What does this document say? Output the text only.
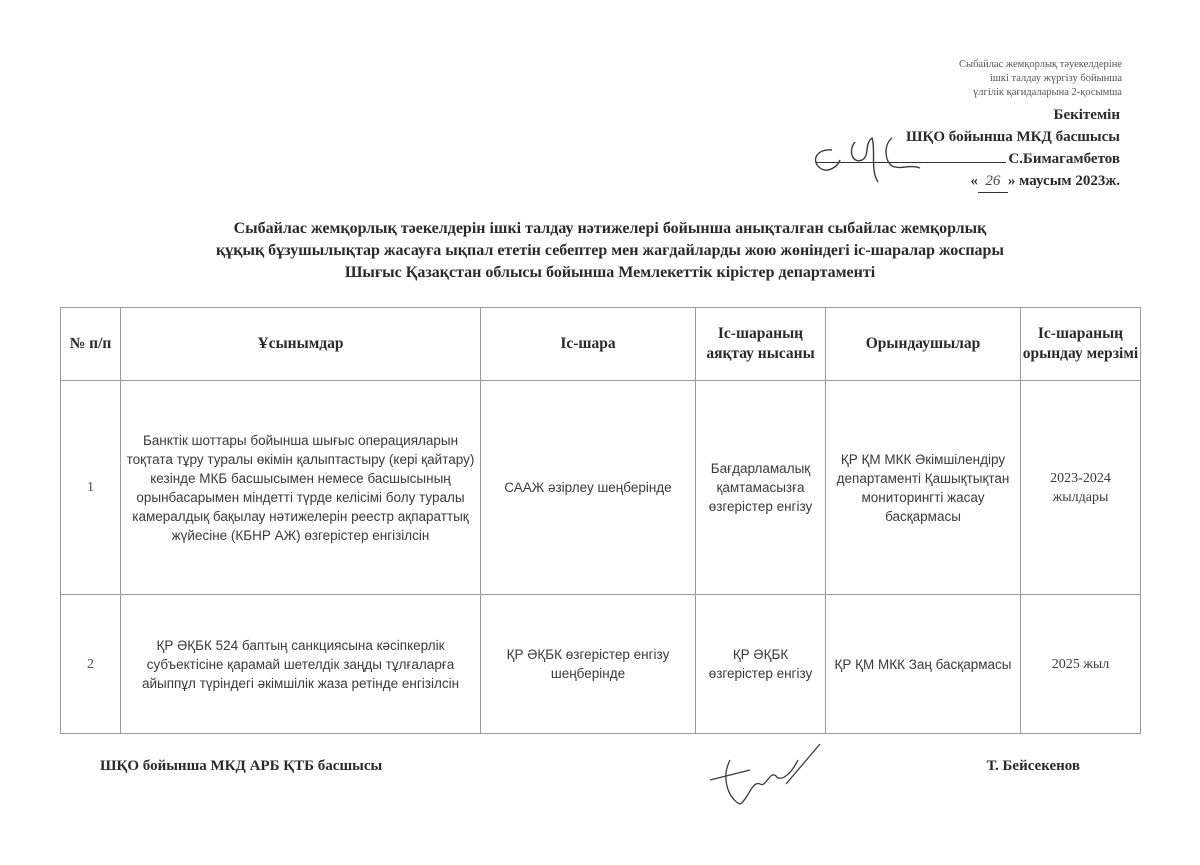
Сыбайлас жемқорлық тәуекелдеріне
ішкі талдау жүргізу бойынша
үлгілік қағидаларына 2-қосымша
Бекітемін
ШҚО бойынша МКД басшысы
С.Бимагамбетов
« 26 » маусым 2023ж.
Сыбайлас жемқорлық тәекелдерін ішкі талдау нәтижелері бойынша анықталған сыбайлас жемқорлық
құқық бұзушылықтар жасауға ықпал ететін себептер мен жағдайларды жою жөніндегі іс-шаралар жоспары
Шығыс Қазақстан облысы бойынша Мемлекеттік кірістер департаменті
№ п/п	Ұсынымдар	Іс-шара	Іс-шараның аяқтау нысаны	Орындаушылар	Іс-шараның орындау мерзімі
1	Банктік шоттары бойынша шығыс операцияларын тоқтата тұру туралы өкімін қалыптастыру (кері қайтару) кезінде МКБ басшысымен немесе басшысының орынбасарымен міндетті түрде келісімі болу туралы камералдық бақылау нәтижелерін реестр ақпараттық жүйесіне (КБНР АЖ) өзгерістер енгізілсін	СААЖ әзірлеу шеңберінде	Бағдарламалық қамтамасызға өзгерістер енгізу	ҚР ҚМ МКК Әкімшілендіру департаменті Қашықтықтан мониторингті жасау басқармасы	2023-2024 жылдары
2	ҚР ӘҚБК 524 баптың санкциясына кәсіпкерлік субъектісіне қарамай шетелдік заңды тұлғаларға айыппұл түріндегі әкімшілік жаза ретінде енгізілсін	ҚР ӘҚБК өзгерістер енгізу шеңберінде	ҚР ӘҚБК өзгерістер енгізу	ҚР ҚМ МКК Заң басқармасы	2025 жыл
ШҚО бойынша МКД АРБ ҚТБ басшысы	Т. Бейсекенов
